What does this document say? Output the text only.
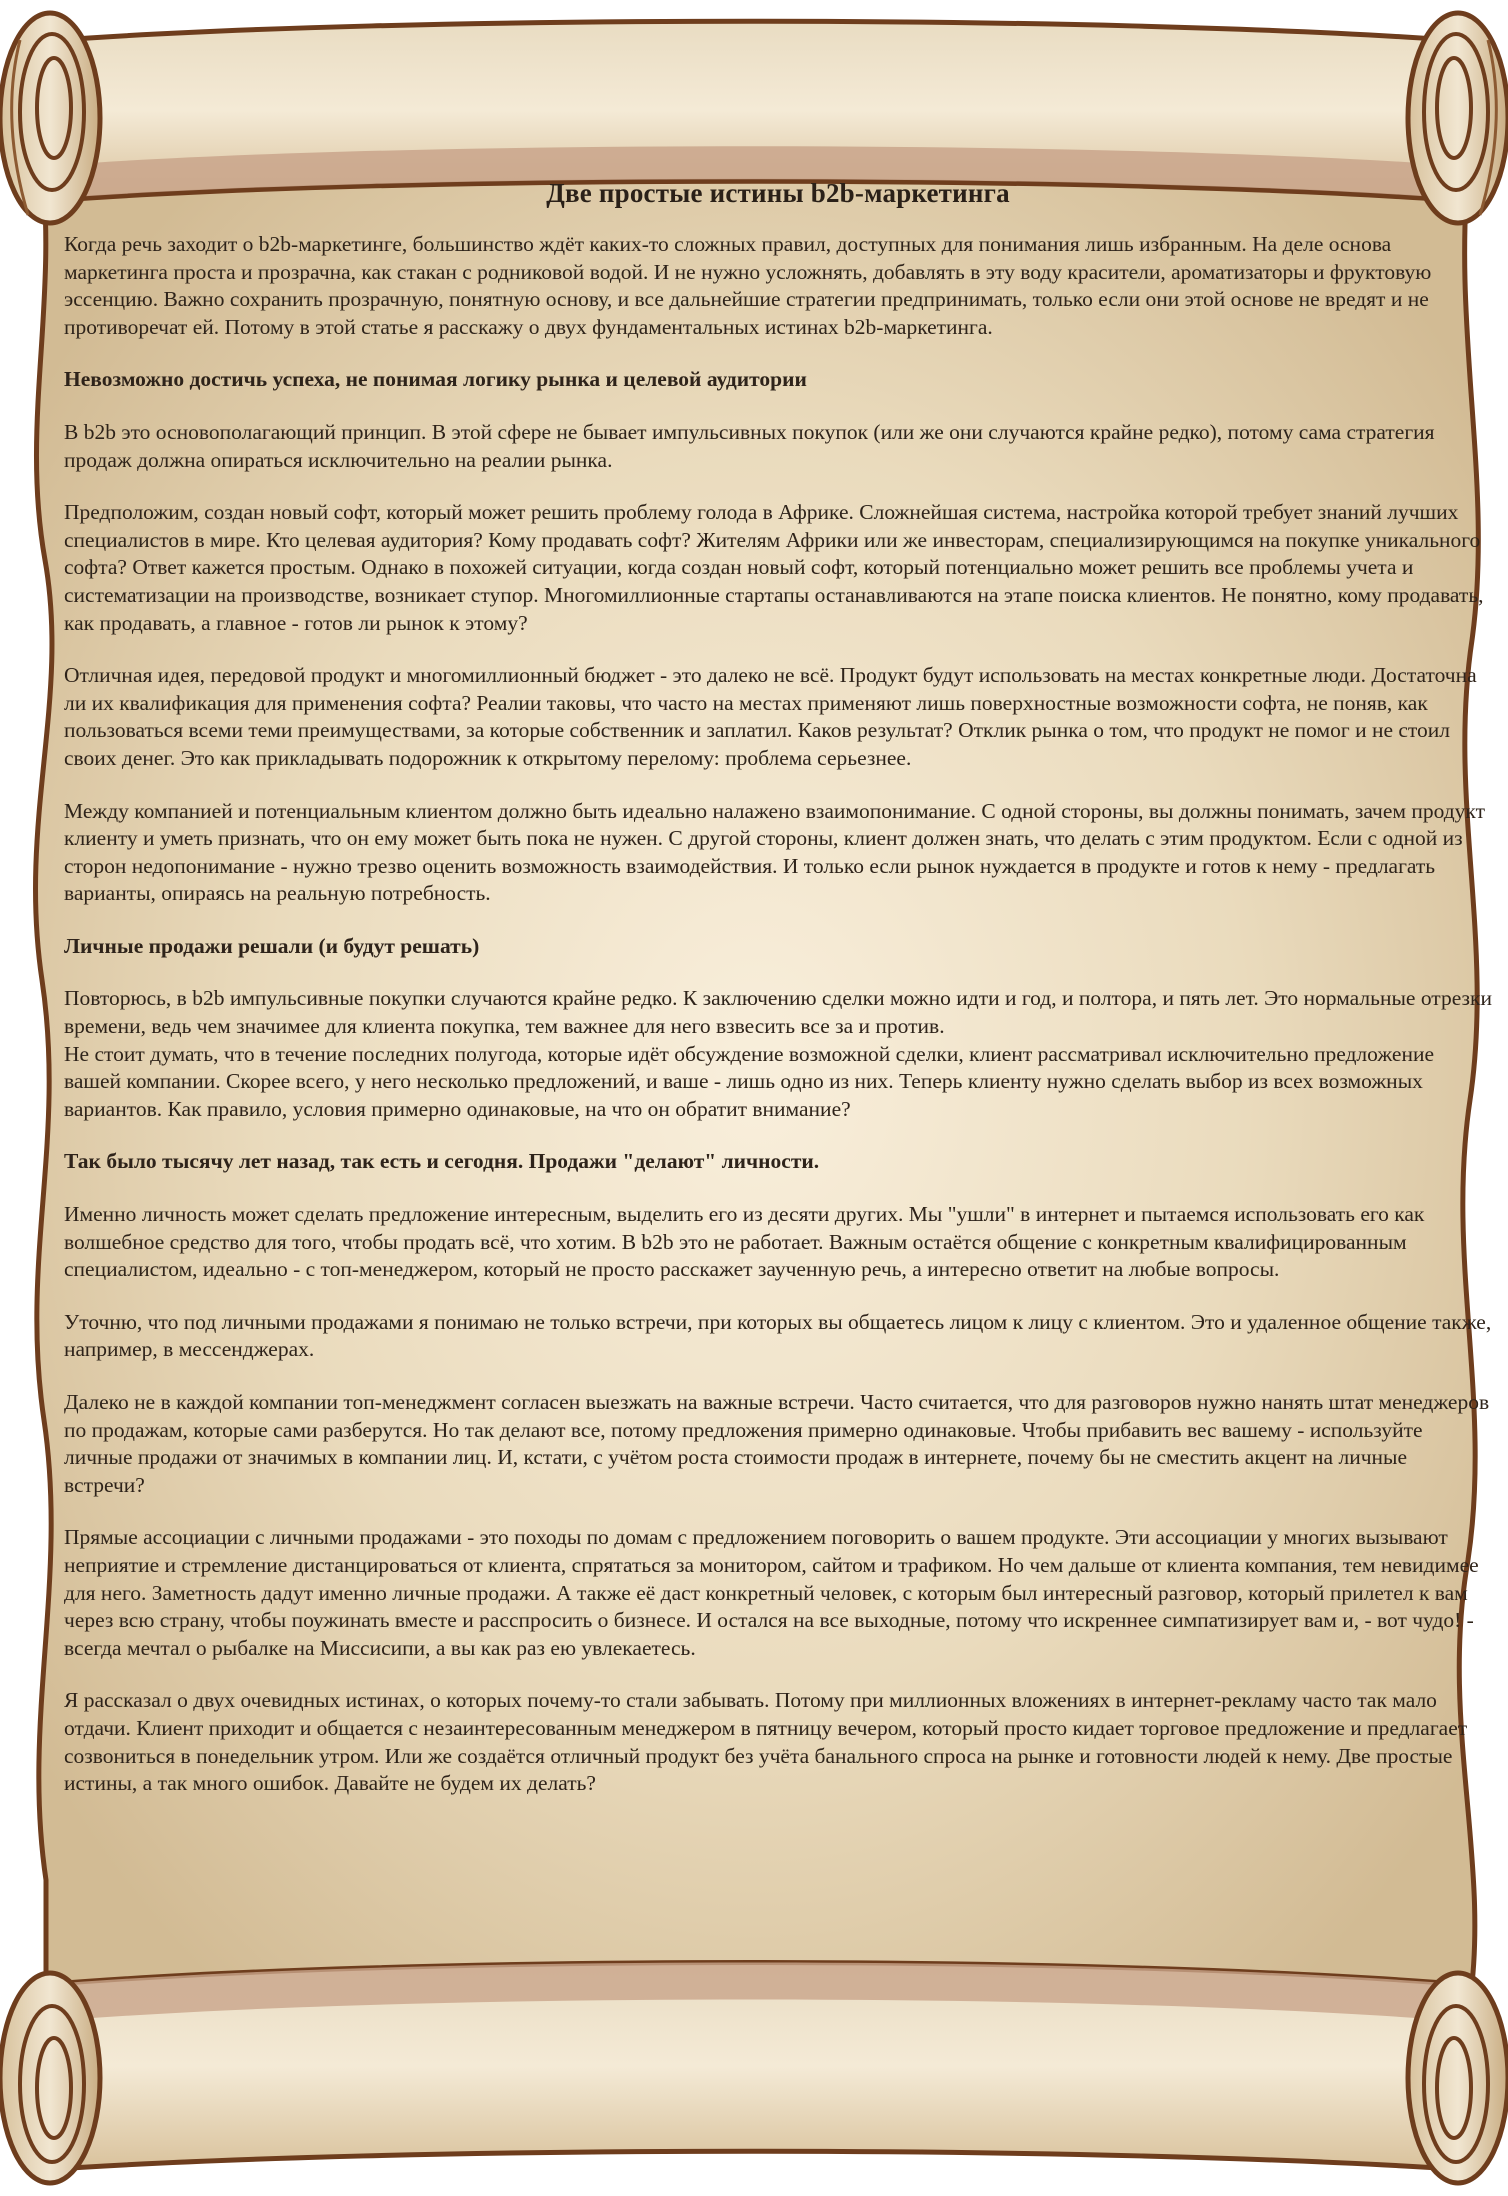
Две простые истины b2b-маркетинга

Когда речь заходит о b2b-маркетинге, большинство ждёт каких-то сложных правил, доступных для понимания лишь избранным. На деле основа маркетинга проста и прозрачна, как стакан с родниковой водой. И не нужно усложнять, добавлять в эту воду красители, ароматизаторы и фруктовую эссенцию. Важно сохранить прозрачную, понятную основу, и все дальнейшие стратегии предпринимать, только если они этой основе не вредят и не противоречат ей. Потому в этой статье я расскажу о двух фундаментальных истинах b2b-маркетинга.

Невозможно достичь успеха, не понимая логику рынка и целевой аудитории

В b2b это основополагающий принцип. В этой сфере не бывает импульсивных покупок (или же они случаются крайне редко), потому сама стратегия продаж должна опираться исключительно на реалии рынка.

Предположим, создан новый софт, который может решить проблему голода в Африке. Сложнейшая система, настройка которой требует знаний лучших специалистов в мире. Кто целевая аудитория? Кому продавать софт? Жителям Африки или же инвесторам, специализирующимся на покупке уникального софта? Ответ кажется простым. Однако в похожей ситуации, когда создан новый софт, который потенциально может решить все проблемы учета и систематизации на производстве, возникает ступор. Многомиллионные стартапы останавливаются на этапе поиска клиентов. Не понятно, кому продавать, как продавать, а главное - готов ли рынок к этому?

Отличная идея, передовой продукт и многомиллионный бюджет - это далеко не всё. Продукт будут использовать на местах конкретные люди. Достаточна ли их квалификация для применения софта? Реалии таковы, что часто на местах применяют лишь поверхностные возможности софта, не поняв, как пользоваться всеми теми преимуществами, за которые собственник и заплатил. Каков результат? Отклик рынка о том, что продукт не помог и не стоил своих денег. Это как прикладывать подорожник к открытому перелому: проблема серьезнее.

Между компанией и потенциальным клиентом должно быть идеально налажено взаимопонимание. С одной стороны, вы должны понимать, зачем продукт клиенту и уметь признать, что он ему может быть пока не нужен. С другой стороны, клиент должен знать, что делать с этим продуктом. Если с одной из сторон недопонимание - нужно трезво оценить возможность взаимодействия. И только если рынок нуждается в продукте и готов к нему - предлагать варианты, опираясь на реальную потребность.

Личные продажи решали (и будут решать)

Повторюсь, в b2b импульсивные покупки случаются крайне редко. К заключению сделки можно идти и год, и полтора, и пять лет. Это нормальные отрезки времени, ведь чем значимее для клиента покупка, тем важнее для него взвесить все за и против.
Не стоит думать, что в течение последних полугода, которые идёт обсуждение возможной сделки, клиент рассматривал исключительно предложение вашей компании. Скорее всего, у него несколько предложений, и ваше - лишь одно из них. Теперь клиенту нужно сделать выбор из всех возможных вариантов. Как правило, условия примерно одинаковые, на что он обратит внимание?

Так было тысячу лет назад, так есть и сегодня. Продажи "делают" личности.

Именно личность может сделать предложение интересным, выделить его из десяти других. Мы "ушли" в интернет и пытаемся использовать его как волшебное средство для того, чтобы продать всё, что хотим. В b2b это не работает. Важным остаётся общение с конкретным квалифицированным специалистом, идеально - с топ-менеджером, который не просто расскажет заученную речь, а интересно ответит на любые вопросы.

Уточню, что под личными продажами я понимаю не только встречи, при которых вы общаетесь лицом к лицу с клиентом. Это и удаленное общение также, например, в мессенджерах.

Далеко не в каждой компании топ-менеджмент согласен выезжать на важные встречи. Часто считается, что для разговоров нужно нанять штат менеджеров по продажам, которые сами разберутся. Но так делают все, потому предложения примерно одинаковые. Чтобы прибавить вес вашему - используйте личные продажи от значимых в компании лиц. И, кстати, с учётом роста стоимости продаж в интернете, почему бы не сместить акцент на личные встречи?

Прямые ассоциации с личными продажами - это походы по домам с предложением поговорить о вашем продукте. Эти ассоциации у многих вызывают неприятие и стремление дистанцироваться от клиента, спрятаться за монитором, сайтом и трафиком. Но чем дальше от клиента компания, тем невидимее для него. Заметность дадут именно личные продажи. А также её даст конкретный человек, с которым был интересный разговор, который прилетел к вам через всю страну, чтобы поужинать вместе и расспросить о бизнесе. И остался на все выходные, потому что искреннее симпатизирует вам и, - вот чудо! - всегда мечтал о рыбалке на Миссисипи, а вы как раз ею увлекаетесь.

Я рассказал о двух очевидных истинах, о которых почему-то стали забывать. Потому при миллионных вложениях в интернет-рекламу часто так мало отдачи. Клиент приходит и общается с незаинтересованным менеджером в пятницу вечером, который просто кидает торговое предложение и предлагает созвониться в понедельник утром. Или же создаётся отличный продукт без учёта банального спроса на рынке и готовности людей к нему. Две простые истины, а так много ошибок. Давайте не будем их делать?
